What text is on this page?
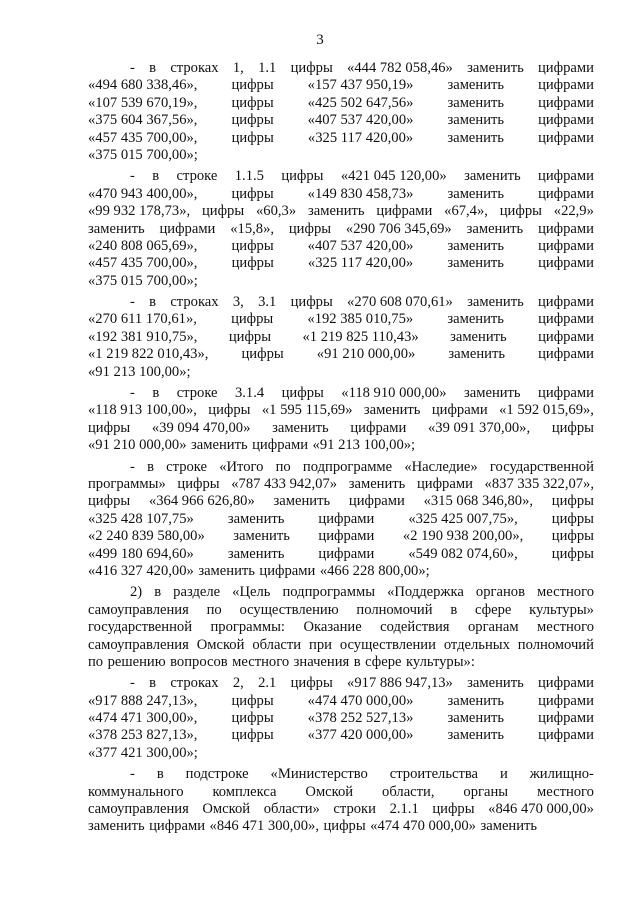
3
- в строках 1, 1.1 цифры «444 782 058,46» заменить цифрами
«494 680 338,46», цифры «157 437 950,19» заменить цифрами
«107 539 670,19», цифры «425 502 647,56» заменить цифрами
«375 604 367,56», цифры «407 537 420,00» заменить цифрами
«457 435 700,00», цифры «325 117 420,00» заменить цифрами
«375 015 700,00»;
- в строке 1.1.5 цифры «421 045 120,00» заменить цифрами
«470 943 400,00», цифры «149 830 458,73» заменить цифрами
«99 932 178,73», цифры «60,3» заменить цифрами «67,4», цифры «22,9»
заменить цифрами «15,8», цифры «290 706 345,69» заменить цифрами
«240 808 065,69», цифры «407 537 420,00» заменить цифрами
«457 435 700,00», цифры «325 117 420,00» заменить цифрами
«375 015 700,00»;
- в строках 3, 3.1 цифры «270 608 070,61» заменить цифрами
«270 611 170,61», цифры «192 385 010,75» заменить цифрами
«192 381 910,75», цифры «1 219 825 110,43» заменить цифрами
«1 219 822 010,43», цифры «91 210 000,00» заменить цифрами
«91 213 100,00»;
- в строке 3.1.4 цифры «118 910 000,00» заменить цифрами
«118 913 100,00», цифры «1 595 115,69» заменить цифрами «1 592 015,69»,
цифры «39 094 470,00» заменить цифрами «39 091 370,00», цифры
«91 210 000,00» заменить цифрами «91 213 100,00»;
- в строке «Итого по подпрограмме «Наследие» государственной
программы» цифры «787 433 942,07» заменить цифрами «837 335 322,07»,
цифры «364 966 626,80» заменить цифрами «315 068 346,80», цифры
«325 428 107,75» заменить цифрами «325 425 007,75», цифры
«2 240 839 580,00» заменить цифрами «2 190 938 200,00», цифры
«499 180 694,60» заменить цифрами «549 082 074,60», цифры
«416 327 420,00» заменить цифрами «466 228 800,00»;
2) в разделе «Цель подпрограммы «Поддержка органов местного
самоуправления по осуществлению полномочий в сфере культуры»
государственной программы: Оказание содействия органам местного
самоуправления Омской области при осуществлении отдельных полномочий
по решению вопросов местного значения в сфере культуры»:
- в строках 2, 2.1 цифры «917 886 947,13» заменить цифрами
«917 888 247,13», цифры «474 470 000,00» заменить цифрами
«474 471 300,00», цифры «378 252 527,13» заменить цифрами
«378 253 827,13», цифры «377 420 000,00» заменить цифрами
«377 421 300,00»;
- в подстроке «Министерство строительства и жилищно-
коммунального комплекса Омской области, органы местного
самоуправления Омской области» строки 2.1.1 цифры «846 470 000,00»
заменить цифрами «846 471 300,00», цифры «474 470 000,00» заменить
